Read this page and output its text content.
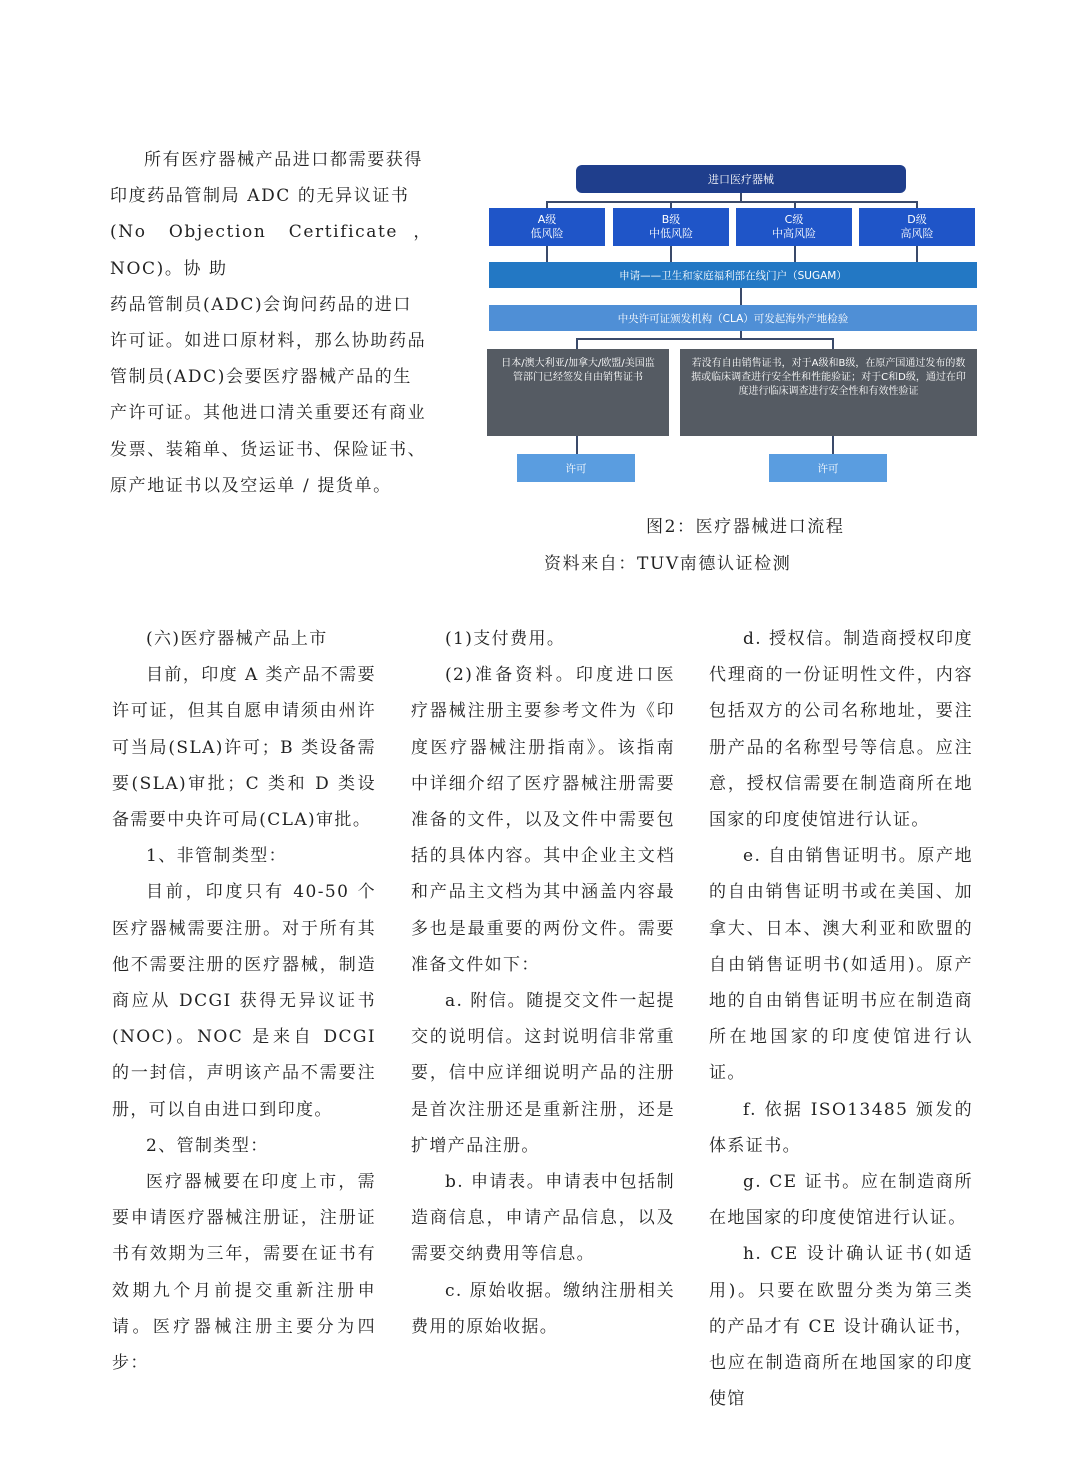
所有医疗器械产品进口都需要获得
印度药品管制局 ADC 的无异议证书
(No Objection Certificate，NOC)。协 助
药品管制员(ADC)会询问药品的进口
许可证。如进口原材料，那么协助药品
管制员(ADC)会要医疗器械产品的生
产许可证。其他进口清关重要还有商业
发票、装箱单、货运证书、保险证书、
原产地证书以及空运单 / 提货单。
进口医疗器械
A级
低风险
B级
中低风险
C级
中高风险
D级
高风险
申请——卫生和家庭福利部在线门户（SUGAM）
中央许可证颁发机构（CLA）可发起海外产地检验
日本/澳大利亚/加拿大/欧盟/美国监管部门已经签发自由销售证书
若没有自由销售证书，对于A级和B级，在原产国通过发布的数据或临床调查进行安全性和性能验证；对于C和D级，通过在印度进行临床调查进行安全性和有效性验证
许可	许可

图2：医疗器械进口流程

资料来自：TUV南德认证检测

(六)医疗器械产品上市

目前，印度 A 类产品不需要许可证，但其自愿申请须由州许可当局(SLA)许可；B 类设备需要(SLA)审批；C 类和 D 类设备需要中央许可局(CLA)审批。

1、非管制类型：

目前，印度只有 40-50 个医疗器械需要注册。对于所有其他不需要注册的医疗器械，制造商应从 DCGI 获得无异议证书(NOC)。NOC 是来自 DCGI 的一封信，声明该产品不需要注册，可以自由进口到印度。

2、管制类型：

医疗器械要在印度上市，需要申请医疗器械注册证，注册证书有效期为三年，需要在证书有效期九个月前提交重新注册申请。医疗器械注册主要分为四步：

(1)支付费用。

(2)准备资料。印度进口医疗器械注册主要参考文件为《印度医疗器械注册指南》。该指南中详细介绍了医疗器械注册需要准备的文件，以及文件中需要包括的具体内容。其中企业主文档和产品主文档为其中涵盖内容最多也是最重要的两份文件。需要准备文件如下：

a. 附信。随提交文件一起提交的说明信。这封说明信非常重要，信中应详细说明产品的注册是首次注册还是重新注册，还是扩增产品注册。

b. 申请表。申请表中包括制造商信息，申请产品信息，以及需要交纳费用等信息。

c. 原始收据。缴纳注册相关费用的原始收据。

d. 授权信。制造商授权印度代理商的一份证明性文件，内容包括双方的公司名称地址，要注册产品的名称型号等信息。应注意，授权信需要在制造商所在地国家的印度使馆进行认证。

e. 自由销售证明书。原产地的自由销售证明书或在美国、加拿大、日本、澳大利亚和欧盟的自由销售证明书(如适用)。原产地的自由销售证明书应在制造商所在地国家的印度使馆进行认证。

f. 依据 ISO13485 颁发的体系证书。

g. CE 证书。应在制造商所在地国家的印度使馆进行认证。

h. CE 设计确认证书(如适用)。只要在欧盟分类为第三类的产品才有 CE 设计确认证书，也应在制造商所在地国家的印度使馆
